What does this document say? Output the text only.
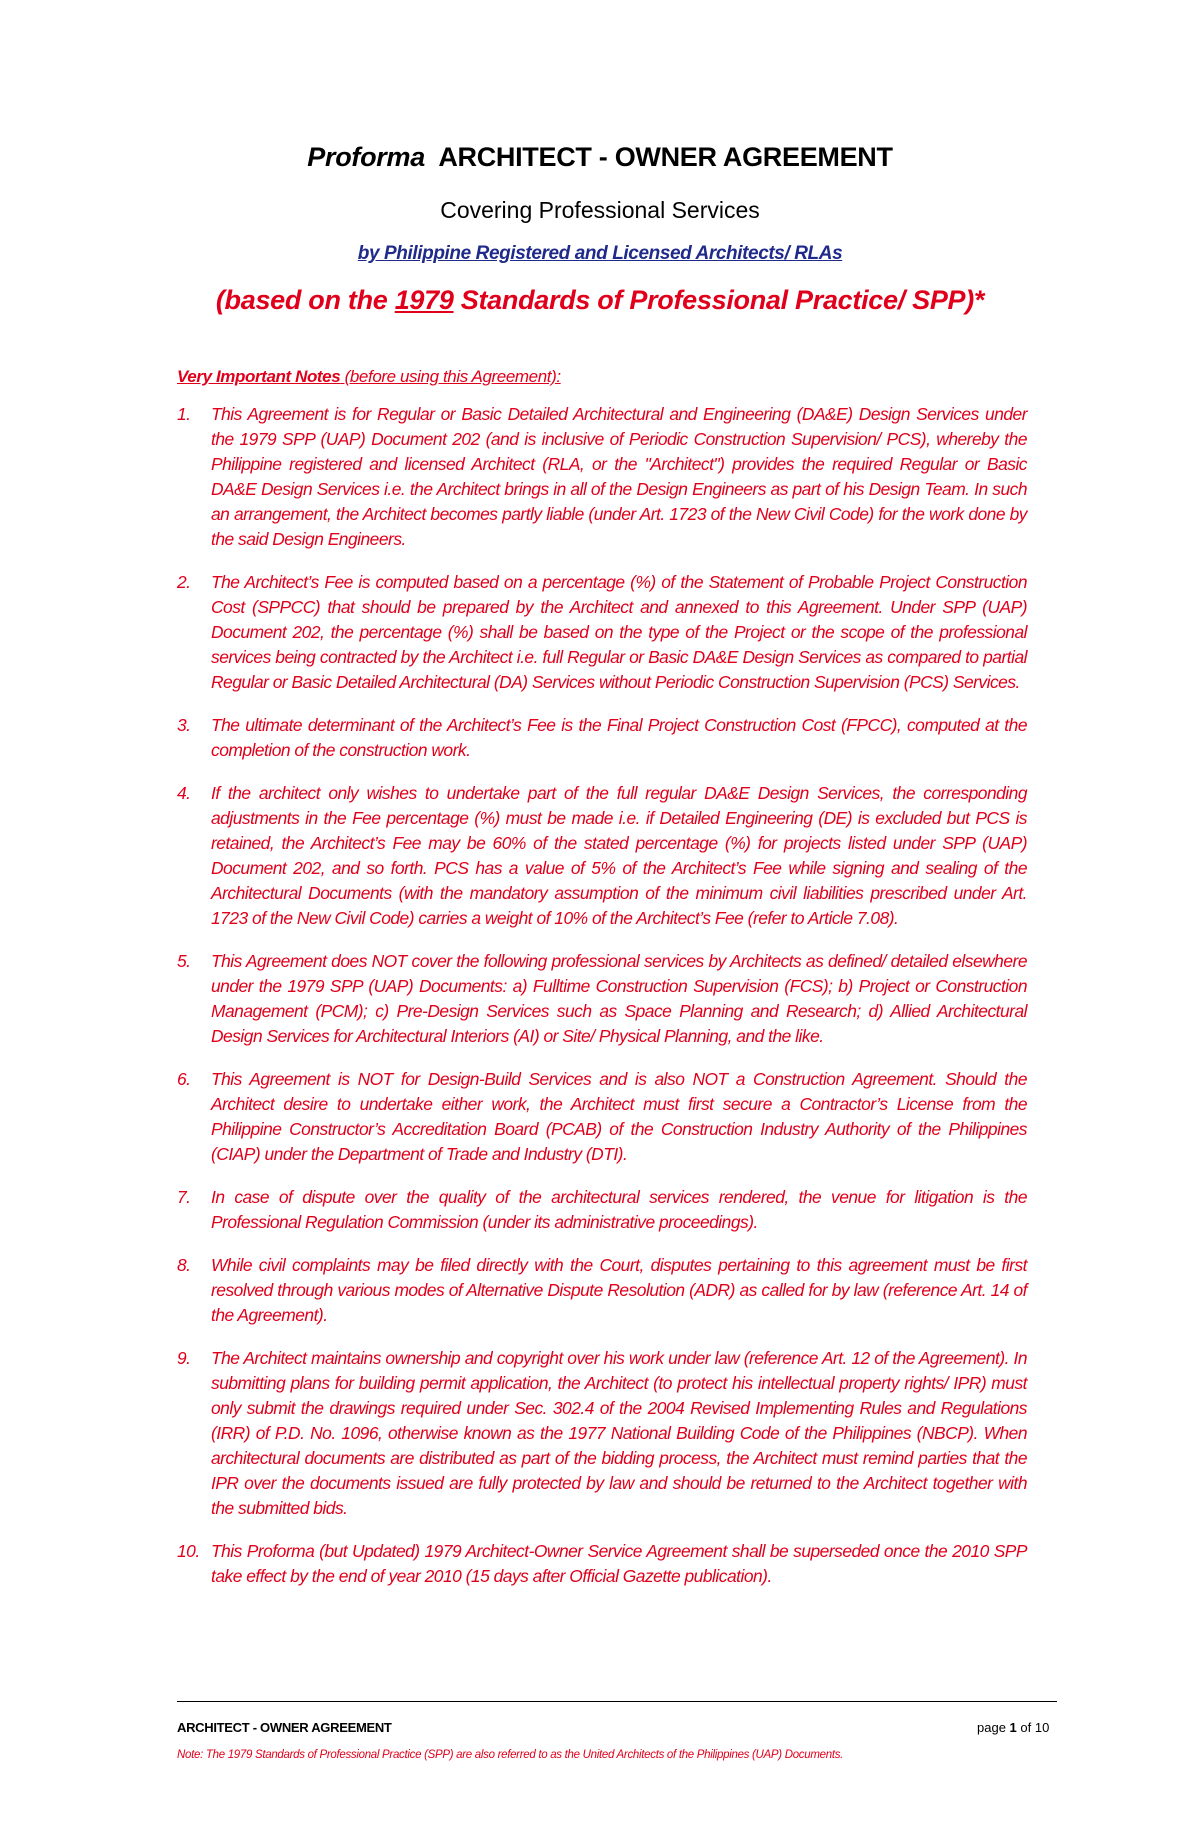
Proforma ARCHITECT - OWNER AGREEMENT
Covering Professional Services
by Philippine Registered and Licensed Architects/ RLAs
(based on the 1979 Standards of Professional Practice/ SPP)*
Very Important Notes (before using this Agreement):
1.	This Agreement is for Regular or Basic Detailed Architectural and Engineering (DA&E) Design Services under the 1979 SPP (UAP) Document 202 (and is inclusive of Periodic Construction Supervision/ PCS), whereby the Philippine registered and licensed Architect (RLA, or the "Architect") provides the required Regular or Basic DA&E Design Services i.e. the Architect brings in all of the Design Engineers as part of his Design Team. In such an arrangement, the Architect becomes partly liable (under Art. 1723 of the New Civil Code) for the work done by the said Design Engineers.
2.	The Architect’s Fee is computed based on a percentage (%) of the Statement of Probable Project Construction Cost (SPPCC) that should be prepared by the Architect and annexed to this Agreement. Under SPP (UAP) Document 202, the percentage (%) shall be based on the type of the Project or the scope of the professional services being contracted by the Architect i.e. full Regular or Basic DA&E Design Services as compared to partial Regular or Basic Detailed Architectural (DA) Services without Periodic Construction Supervision (PCS) Services.
3.	The ultimate determinant of the Architect’s Fee is the Final Project Construction Cost (FPCC), computed at the completion of the construction work.
4.	If the architect only wishes to undertake part of the full regular DA&E Design Services, the corresponding adjustments in the Fee percentage (%) must be made i.e. if Detailed Engineering (DE) is excluded but PCS is retained, the Architect’s Fee may be 60% of the stated percentage (%) for projects listed under SPP (UAP) Document 202, and so forth. PCS has a value of 5% of the Architect’s Fee while signing and sealing of the Architectural Documents (with the mandatory assumption of the minimum civil liabilities prescribed under Art. 1723 of the New Civil Code) carries a weight of 10% of the Architect’s Fee (refer to Article 7.08).
5.	This Agreement does NOT cover the following professional services by Architects as defined/ detailed elsewhere under the 1979 SPP (UAP) Documents: a) Fulltime Construction Supervision (FCS); b) Project or Construction Management (PCM); c) Pre-Design Services such as Space Planning and Research; d) Allied Architectural Design Services for Architectural Interiors (AI) or Site/ Physical Planning, and the like.
6.	This Agreement is NOT for Design-Build Services and is also NOT a Construction Agreement. Should the Architect desire to undertake either work, the Architect must first secure a Contractor’s License from the Philippine Constructor’s Accreditation Board (PCAB) of the Construction Industry Authority of the Philippines (CIAP) under the Department of Trade and Industry (DTI).
7.	In case of dispute over the quality of the architectural services rendered, the venue for litigation is the Professional Regulation Commission (under its administrative proceedings).
8.	While civil complaints may be filed directly with the Court, disputes pertaining to this agreement must be first resolved through various modes of Alternative Dispute Resolution (ADR) as called for by law (reference Art. 14 of the Agreement).
9.	The Architect maintains ownership and copyright over his work under law (reference Art. 12 of the Agreement). In submitting plans for building permit application, the Architect (to protect his intellectual property rights/ IPR) must only submit the drawings required under Sec. 302.4 of the 2004 Revised Implementing Rules and Regulations (IRR) of P.D. No. 1096, otherwise known as the 1977 National Building Code of the Philippines (NBCP). When architectural documents are distributed as part of the bidding process, the Architect must remind parties that the IPR over the documents issued are fully protected by law and should be returned to the Architect together with the submitted bids.
10. This Proforma (but Updated) 1979 Architect-Owner Service Agreement shall be superseded once the 2010 SPP take effect by the end of year 2010 (15 days after Official Gazette publication).
ARCHITECT - OWNER AGREEMENT	page 1 of 10
Note: The 1979 Standards of Professional Practice (SPP) are also referred to as the United Architects of the Philippines (UAP) Documents.
